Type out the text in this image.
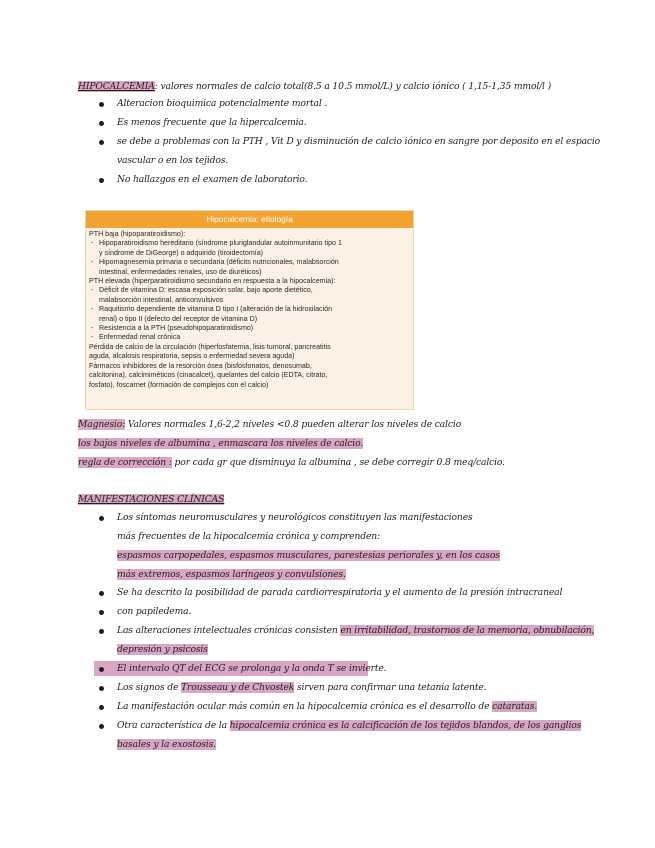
HIPOCALCEMIA: valores normales de calcio total(8.5 a 10.5 mmol/L) y calcio iónico ( 1,15-1,35 mmol/l )
Alteracion bioquimica potencialmente mortal .
Es menos frecuente que la hipercalcemia.
se debe a problemas con la PTH , Vit D y disminución de calcio iónico en sangre por deposito en el espacio
vascular o en los tejidos.
No hallazgos en el examen de laboratorio.
Hipocalcemia: etiología
PTH baja (hipoparatiroidismo):
- Hipoparatiroidismo hereditario (síndrome pluriglandular autoinmunitario tipo 1
y síndrome de DiGeorge) o adquirido (tiroidectomía)
- Hipomagnesemia primaria o secundaria (déficits nutricionales, malabsorción
intestinal, enfermedades renales, uso de diuréticos)
PTH elevada (hiperparatiroidismo secundario en respuesta a la hipocalcemia):
- Déficit de vitamina D: escasa exposición solar, bajo aporte dietético,
malabsorción intestinal, anticonvulsivos
- Raquitismo dependiente de vitamina D tipo I (alteración de la hidroxilación
renal) o tipo II (defecto del receptor de vitamina D)
- Resistencia a la PTH (pseudohipoparatiroidismo)
- Enfermedad renal crónica
Pérdida de calcio de la circulación (hiperfosfatemia, lisis tumoral, pancreatitis
aguda, alcalosis respiratoria, sepsis o enfermedad severa aguda)
Fármacos inhibidores de la resorción ósea (bisfosfonatos, denosumab,
calcitonina), calcimiméticos (cinacalcet), quelantes del calcio (EDTA, citrato,
fosfato), foscarnet (formación de complejos con el calcio)
Magnesio: Valores normales 1,6-2,2 niveles <0.8 pueden alterar los niveles de calcio
los bajos niveles de albumina , enmascara los niveles de calcio.
regla de corrección : por cada gr que disminuya la albumina , se debe corregir 0.8 meq/calcio.
MANIFESTACIONES CLÍNICAS
Los síntomas neuromusculares y neurológicos constituyen las manifestaciones
más frecuentes de la hipocalcemia crónica y comprenden:
espasmos carpopedales, espasmos musculares, parestesias periorales y, en los casos
más extremos, espasmos laríngeos y convulsiones.
Se ha descrito la posibilidad de parada cardiorrespiratoria y el aumento de la presión intracraneal
con papiledema.
Las alteraciones intelectuales crónicas consisten en irritabilidad, trastornos de la memoria, obnubilación,
depresión y psicosis
El intervalo QT del ECG se prolonga y la onda T se invierte.
Los signos de Trousseau y de Chvostek sirven para confirmar una tetania latente.
La manifestación ocular más común en la hipocalcemia crónica es el desarrollo de cataratas.
Otra característica de la hipocalcemia crónica es la calcificación de los tejidos blandos, de los ganglios
basales y la exostosis.
